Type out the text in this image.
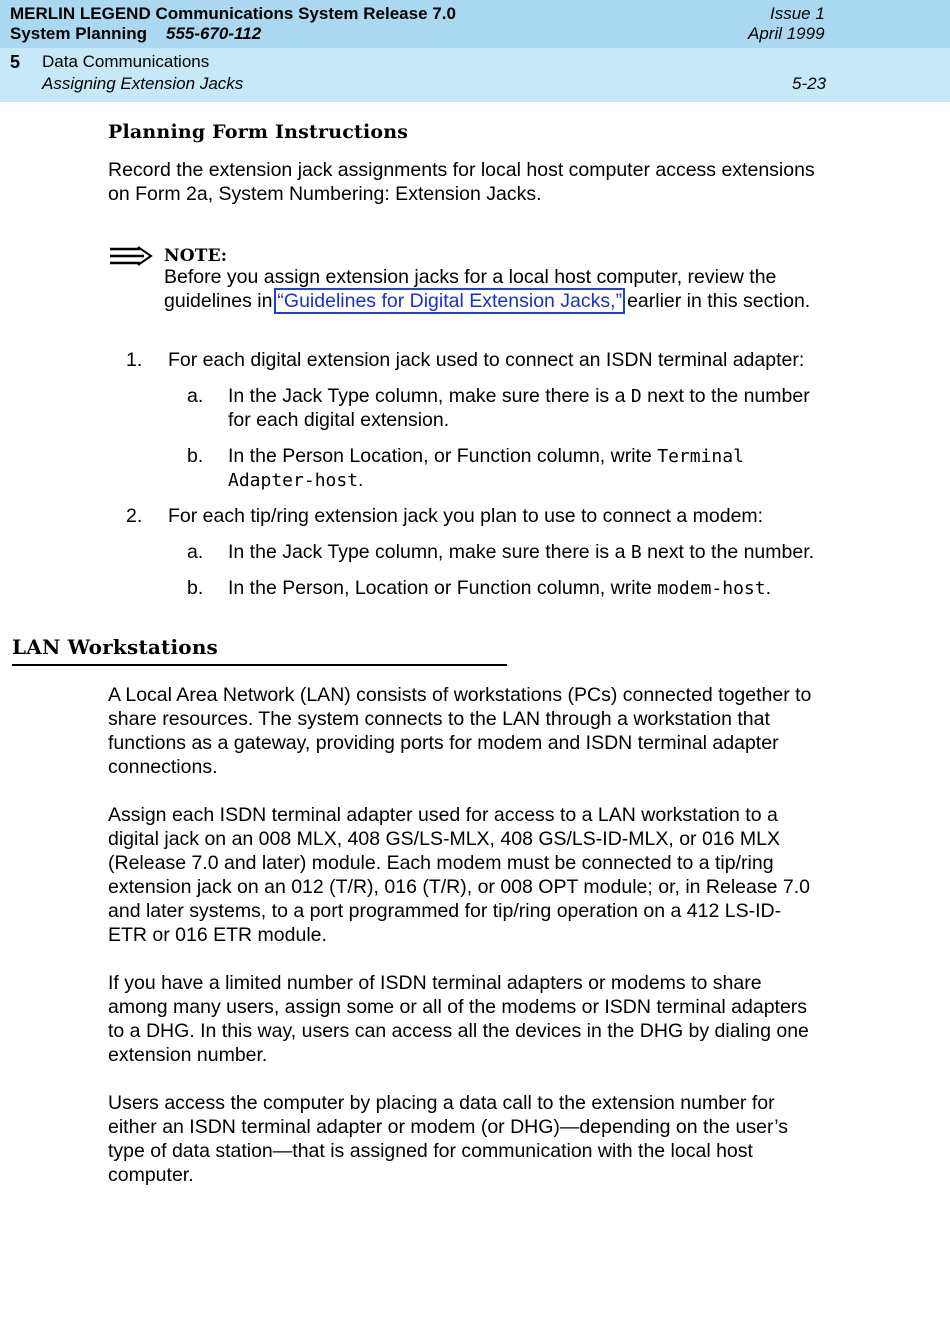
MERLIN LEGEND Communications System Release 7.0	Issue 1
System Planning 555-670-112	April 1999
5 Data Communications
Assigning Extension Jacks	5-23
Planning Form Instructions
Record the extension jack assignments for local host computer access extensions
on Form 2a, System Numbering: Extension Jacks.
NOTE:
Before you assign extension jacks for a local host computer, review the
guidelines in “Guidelines for Digital Extension Jacks,” earlier in this section.
1. For each digital extension jack used to connect an ISDN terminal adapter:
a. In the Jack Type column, make sure there is a D next to the number
for each digital extension.
b. In the Person Location, or Function column, write Terminal
Adapter-host.
2. For each tip/ring extension jack you plan to use to connect a modem:
a. In the Jack Type column, make sure there is a B next to the number.
b. In the Person, Location or Function column, write modem-host.
LAN Workstations
A Local Area Network (LAN) consists of workstations (PCs) connected together to
share resources. The system connects to the LAN through a workstation that
functions as a gateway, providing ports for modem and ISDN terminal adapter
connections.
Assign each ISDN terminal adapter used for access to a LAN workstation to a
digital jack on an 008 MLX, 408 GS/LS-MLX, 408 GS/LS-ID-MLX, or 016 MLX
(Release 7.0 and later) module. Each modem must be connected to a tip/ring
extension jack on an 012 (T/R), 016 (T/R), or 008 OPT module; or, in Release 7.0
and later systems, to a port programmed for tip/ring operation on a 412 LS-ID-
ETR or 016 ETR module.
If you have a limited number of ISDN terminal adapters or modems to share
among many users, assign some or all of the modems or ISDN terminal adapters
to a DHG. In this way, users can access all the devices in the DHG by dialing one
extension number.
Users access the computer by placing a data call to the extension number for
either an ISDN terminal adapter or modem (or DHG)—depending on the user’s
type of data station—that is assigned for communication with the local host
computer.
